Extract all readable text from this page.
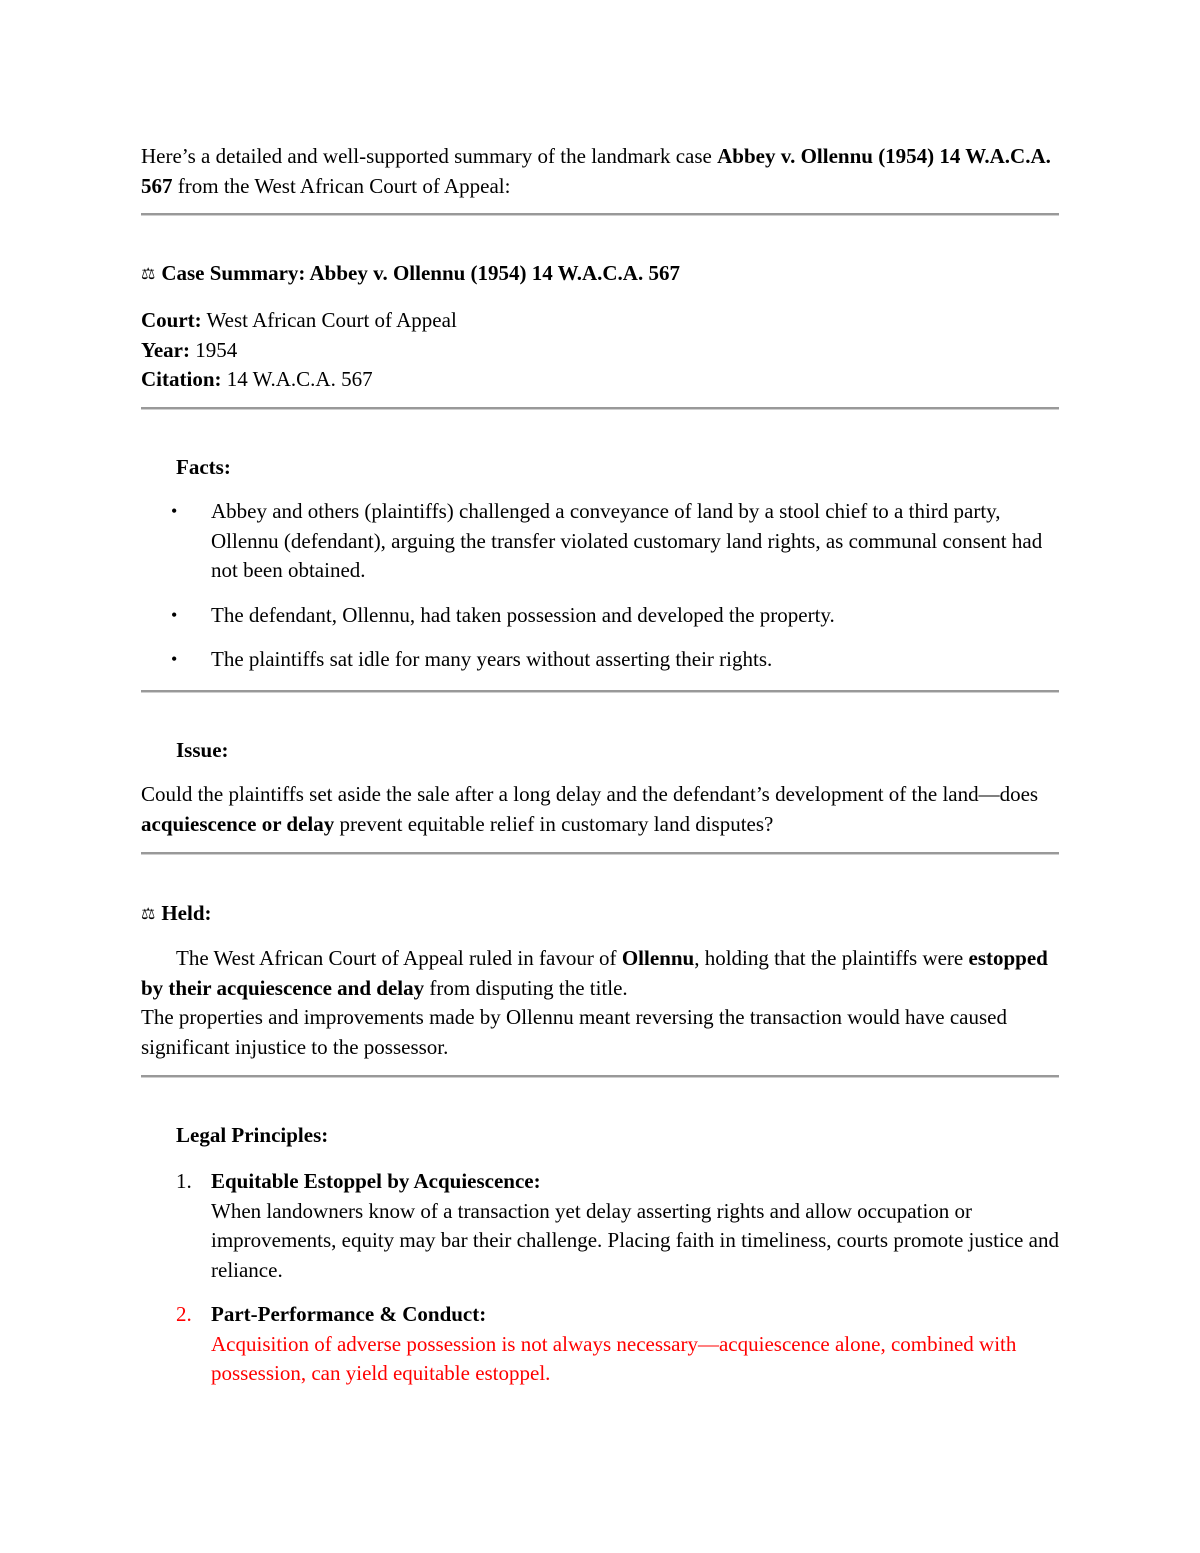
Here’s a detailed and well-supported summary of the landmark case Abbey v. Ollennu (1954) 14 W.A.C.A. 567 from the West African Court of Appeal:

⚖ Case Summary: Abbey v. Ollennu (1954) 14 W.A.C.A. 567

Court: West African Court of Appeal

Year: 1954

Citation: 14 W.A.C.A. 567

Facts:

• Abbey and others (plaintiffs) challenged a conveyance of land by a stool chief to a third party, Ollennu (defendant), arguing the transfer violated customary land rights, as communal consent had not been obtained.
• The defendant, Ollennu, had taken possession and developed the property.
• The plaintiffs sat idle for many years without asserting their rights.

Issue:

Could the plaintiffs set aside the sale after a long delay and the defendant’s development of the land—does acquiescence or delay prevent equitable relief in customary land disputes?

⚖ Held:

The West African Court of Appeal ruled in favour of Ollennu, holding that the plaintiffs were estopped by their acquiescence and delay from disputing the title.

The properties and improvements made by Ollennu meant reversing the transaction would have caused significant injustice to the possessor.

Legal Principles:

1. Equitable Estoppel by Acquiescence:
When landowners know of a transaction yet delay asserting rights and allow occupation or improvements, equity may bar their challenge. Placing faith in timeliness, courts promote justice and reliance.
2. Part-Performance & Conduct:
Acquisition of adverse possession is not always necessary—acquiescence alone, combined with possession, can yield equitable estoppel.
